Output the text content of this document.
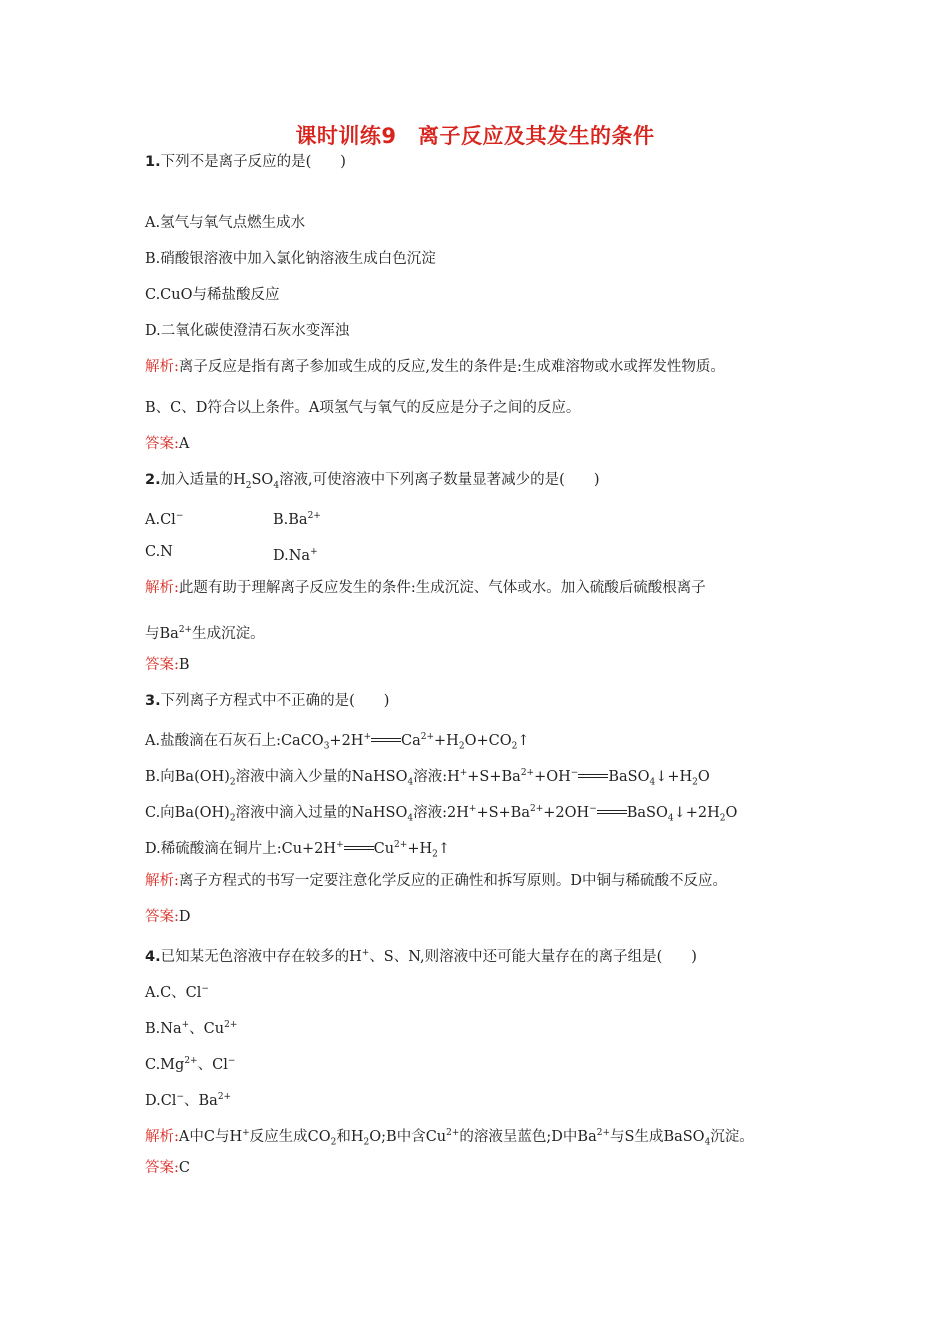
课时训练9　离子反应及其发生的条件
1.下列不是离子反应的是(　　)
A.氢气与氧气点燃生成水
B.硝酸银溶液中加入氯化钠溶液生成白色沉淀
C.CuO与稀盐酸反应
D.二氧化碳使澄清石灰水变浑浊
解析:离子反应是指有离子参加或生成的反应,发生的条件是:生成难溶物或水或挥发性物质。
B、C、D符合以上条件。A项氢气与氧气的反应是分子之间的反应。
答案:A
2.加入适量的$H_2SO_4$溶液,可使溶液中下列离子数量显著减少的是(　　)
A.Cl−	$B.Ba^{2+}$
C.N	D.Na+
解析:此题有助于理解离子反应发生的条件:生成沉淀、气体或水。加入硫酸后硫酸根离子
与$Ba^{2+}$生成沉淀。
答案:B
3.下列离子方程式中不正确的是(　　)
A.盐酸滴在石灰石上:CaCO$_3$+2H+ $Ca^{2+}+H_2O+CO_2↑$
B.向$Ba(OH)_2$溶液中滴入少量的NaHSO$_4$溶液$:H^++S+Ba^{2+}+OH^-$ $BaSO_4↓+H_2O$
C.向$Ba(OH)_2$溶液中滴入过量的NaHSO$_4$溶液$:2H^++S+Ba^{2+}+2OH^-$ $BaSO_4↓+2H_2O$
D.稀硫酸滴在铜片上:Cu+2H+ $Cu^{2+}+H_2↑$
解析:离子方程式的书写一定要注意化学反应的正确性和拆写原则。D中铜与稀硫酸不反应。
答案:D
4.已知某无色溶液中存在较多的H+、S、N,则溶液中还可能大量存在的离子组是(　　)
A.C、Cl−
B.Na+、$Cu^{2+}$
$C.Mg^{2+}$、Cl−
D.Cl−、$Ba^{2+}$
解析:A中C与H+反应生成$CO_2$和$H_2O;B$中含$Cu^{2+}$的溶液呈蓝色;D中$Ba^{2+}$与S生成BaSO$_4$沉淀。
答案:C
